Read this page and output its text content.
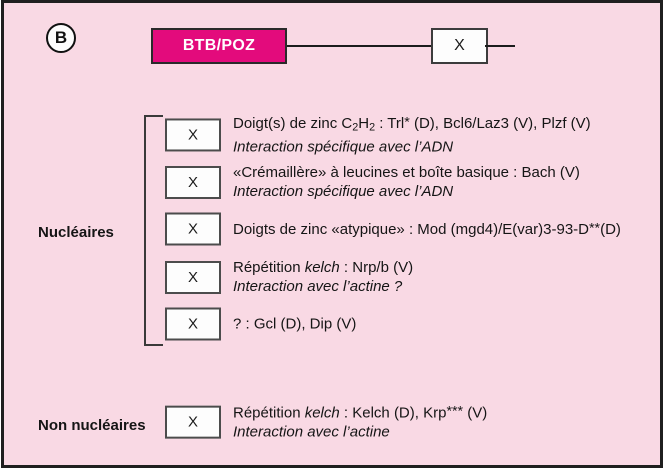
B	BTB/POZ	X
Nucléaires
X
Doigt(s) de zinc $C_2H_2$ : Trl* (D), Bcl6/Laz3 (V), Plzf (V)
Interaction spécifique avec l’ADN
X
«Crémaillère» à leucines et boîte basique : Bach (V)
Interaction spécifique avec l’ADN
X	Doigts de zinc «atypique» : Mod (mgd4)/E(var)3-93-D**(D)
X
Répétition kelch : Nrp/b (V)
Interaction avec l’actine ?
X	? : Gcl (D), Dip (V)
Non nucléaires	X
Répétition kelch : Kelch (D), Krp*** (V)
Interaction avec l’actine
